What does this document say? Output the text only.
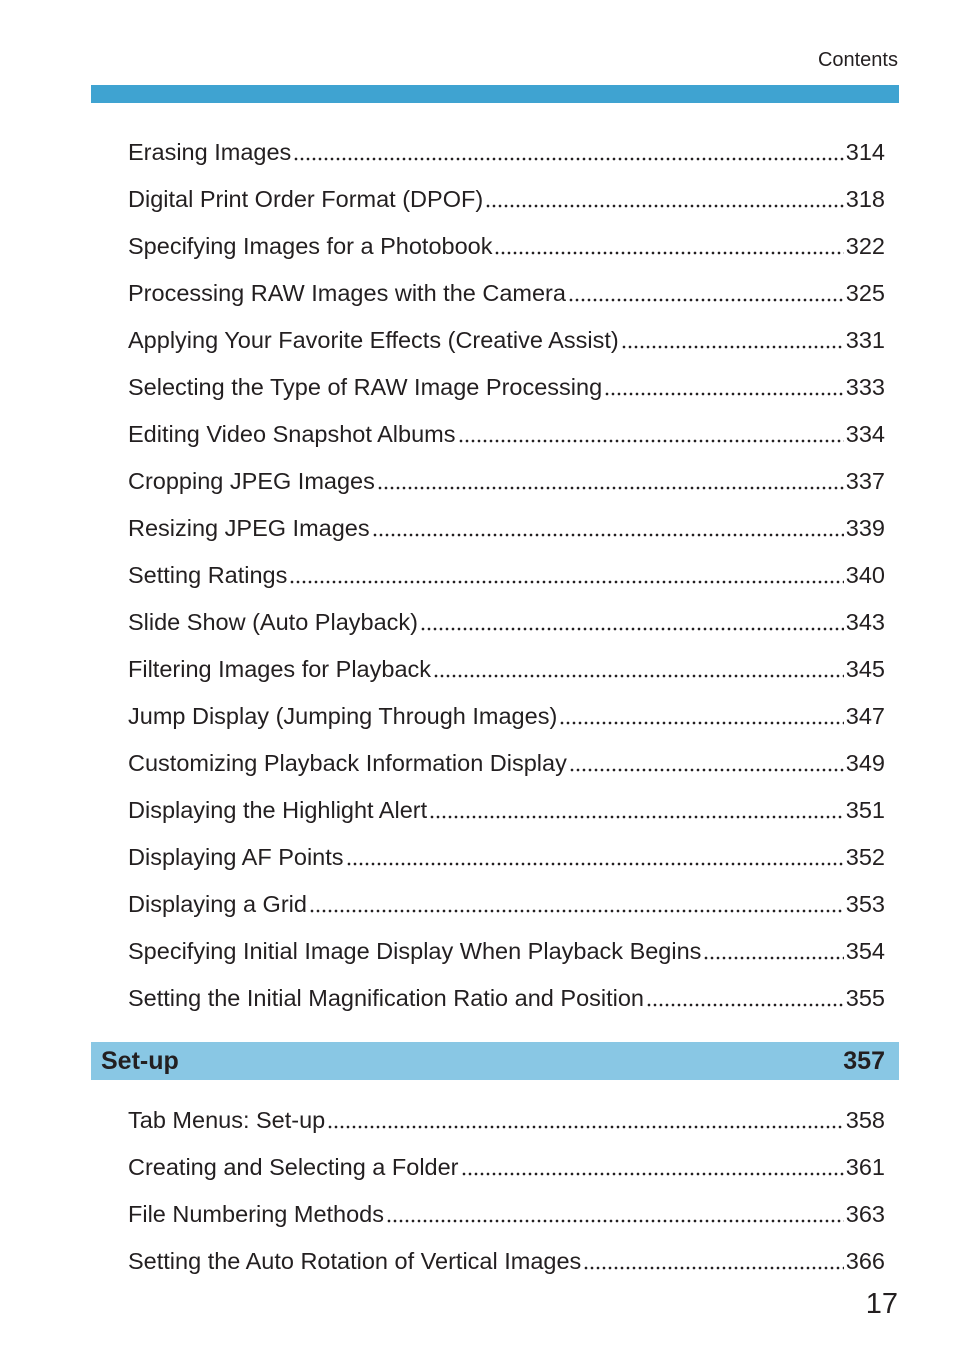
Contents
Erasing Images	314
Digital Print Order Format (DPOF)	318
Specifying Images for a Photobook	322
Processing RAW Images with the Camera	325
Applying Your Favorite Effects (Creative Assist)	331
Selecting the Type of RAW Image Processing	333
Editing Video Snapshot Albums	334
Cropping JPEG Images	337
Resizing JPEG Images	339
Setting Ratings	340
Slide Show (Auto Playback)	343
Filtering Images for Playback	345
Jump Display (Jumping Through Images)	347
Customizing Playback Information Display	349
Displaying the Highlight Alert	351
Displaying AF Points	352
Displaying a Grid	353
Specifying Initial Image Display When Playback Begins	354
Setting the Initial Magnification Ratio and Position	355
Set-up	357
Tab Menus: Set-up	358
Creating and Selecting a Folder	361
File Numbering Methods	363
Setting the Auto Rotation of Vertical Images	366
17
